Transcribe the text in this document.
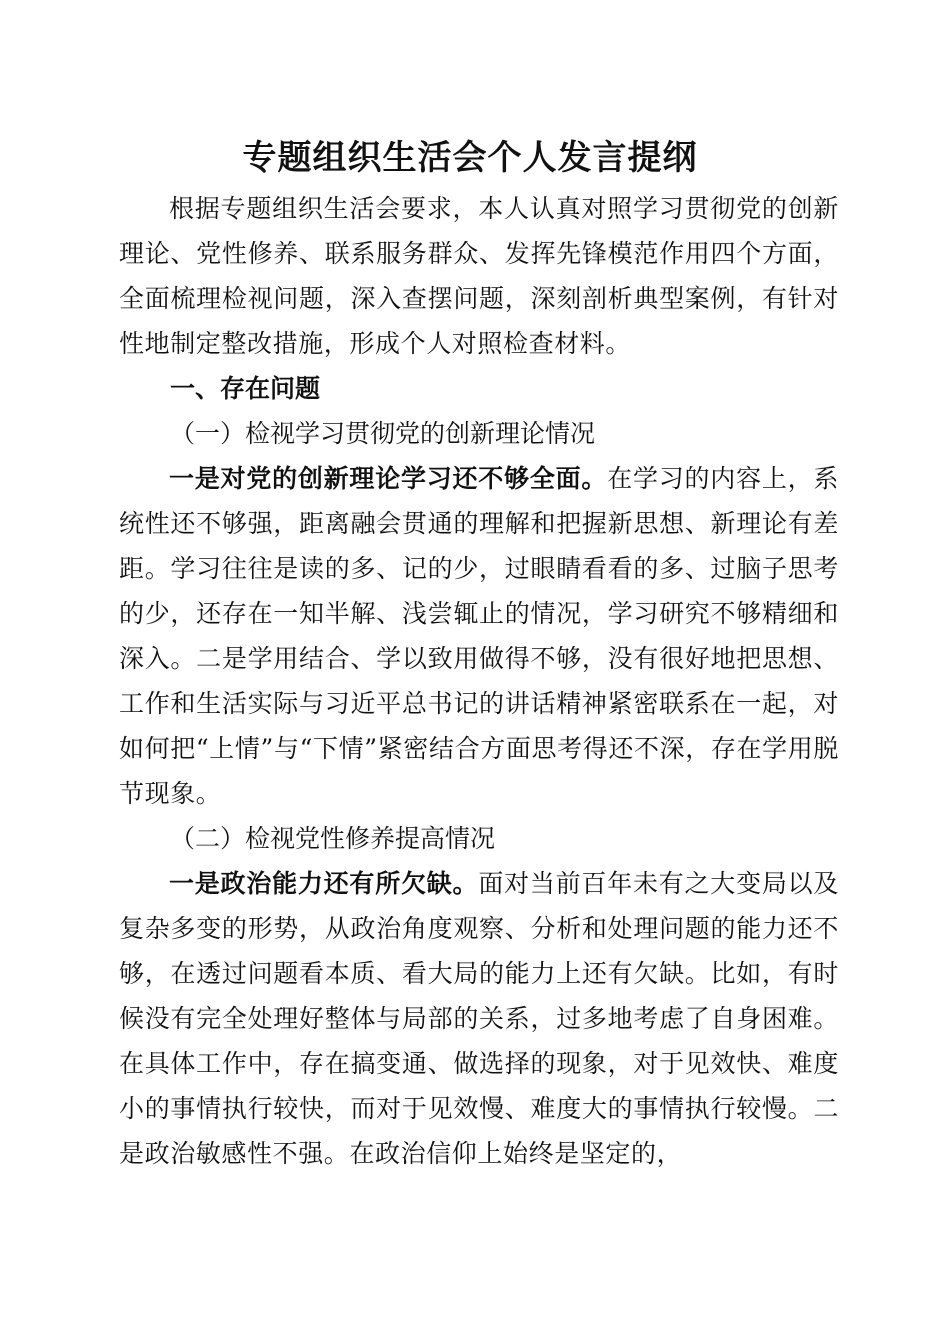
专题组织生活会个人发言提纲
根据专题组织生活会要求，本人认真对照学习贯彻党的创新理论、党性修养、联系服务群众、发挥先锋模范作用四个方面，全面梳理检视问题，深入查摆问题，深刻剖析典型案例，有针对性地制定整改措施，形成个人对照检查材料。
一、存在问题
（一）检视学习贯彻党的创新理论情况
一是对党的创新理论学习还不够全面。在学习的内容上，系统性还不够强，距离融会贯通的理解和把握新思想、新理论有差距。学习往往是读的多、记的少，过眼睛看看的多、过脑子思考的少，还存在一知半解、浅尝辄止的情况，学习研究不够精细和深入。二是学用结合、学以致用做得不够，没有很好地把思想、工作和生活实际与习近平总书记的讲话精神紧密联系在一起，对如何把“上情”与“下情”紧密结合方面思考得还不深，存在学用脱节现象。
（二）检视党性修养提高情况
一是政治能力还有所欠缺。面对当前百年未有之大变局以及复杂多变的形势，从政治角度观察、分析和处理问题的能力还不够，在透过问题看本质、看大局的能力上还有欠缺。比如，有时候没有完全处理好整体与局部的关系，过多地考虑了自身困难。在具体工作中，存在搞变通、做选择的现象，对于见效快、难度小的事情执行较快，而对于见效慢、难度大的事情执行较慢。二是政治敏感性不强。在政治信仰上始终是坚定的，
